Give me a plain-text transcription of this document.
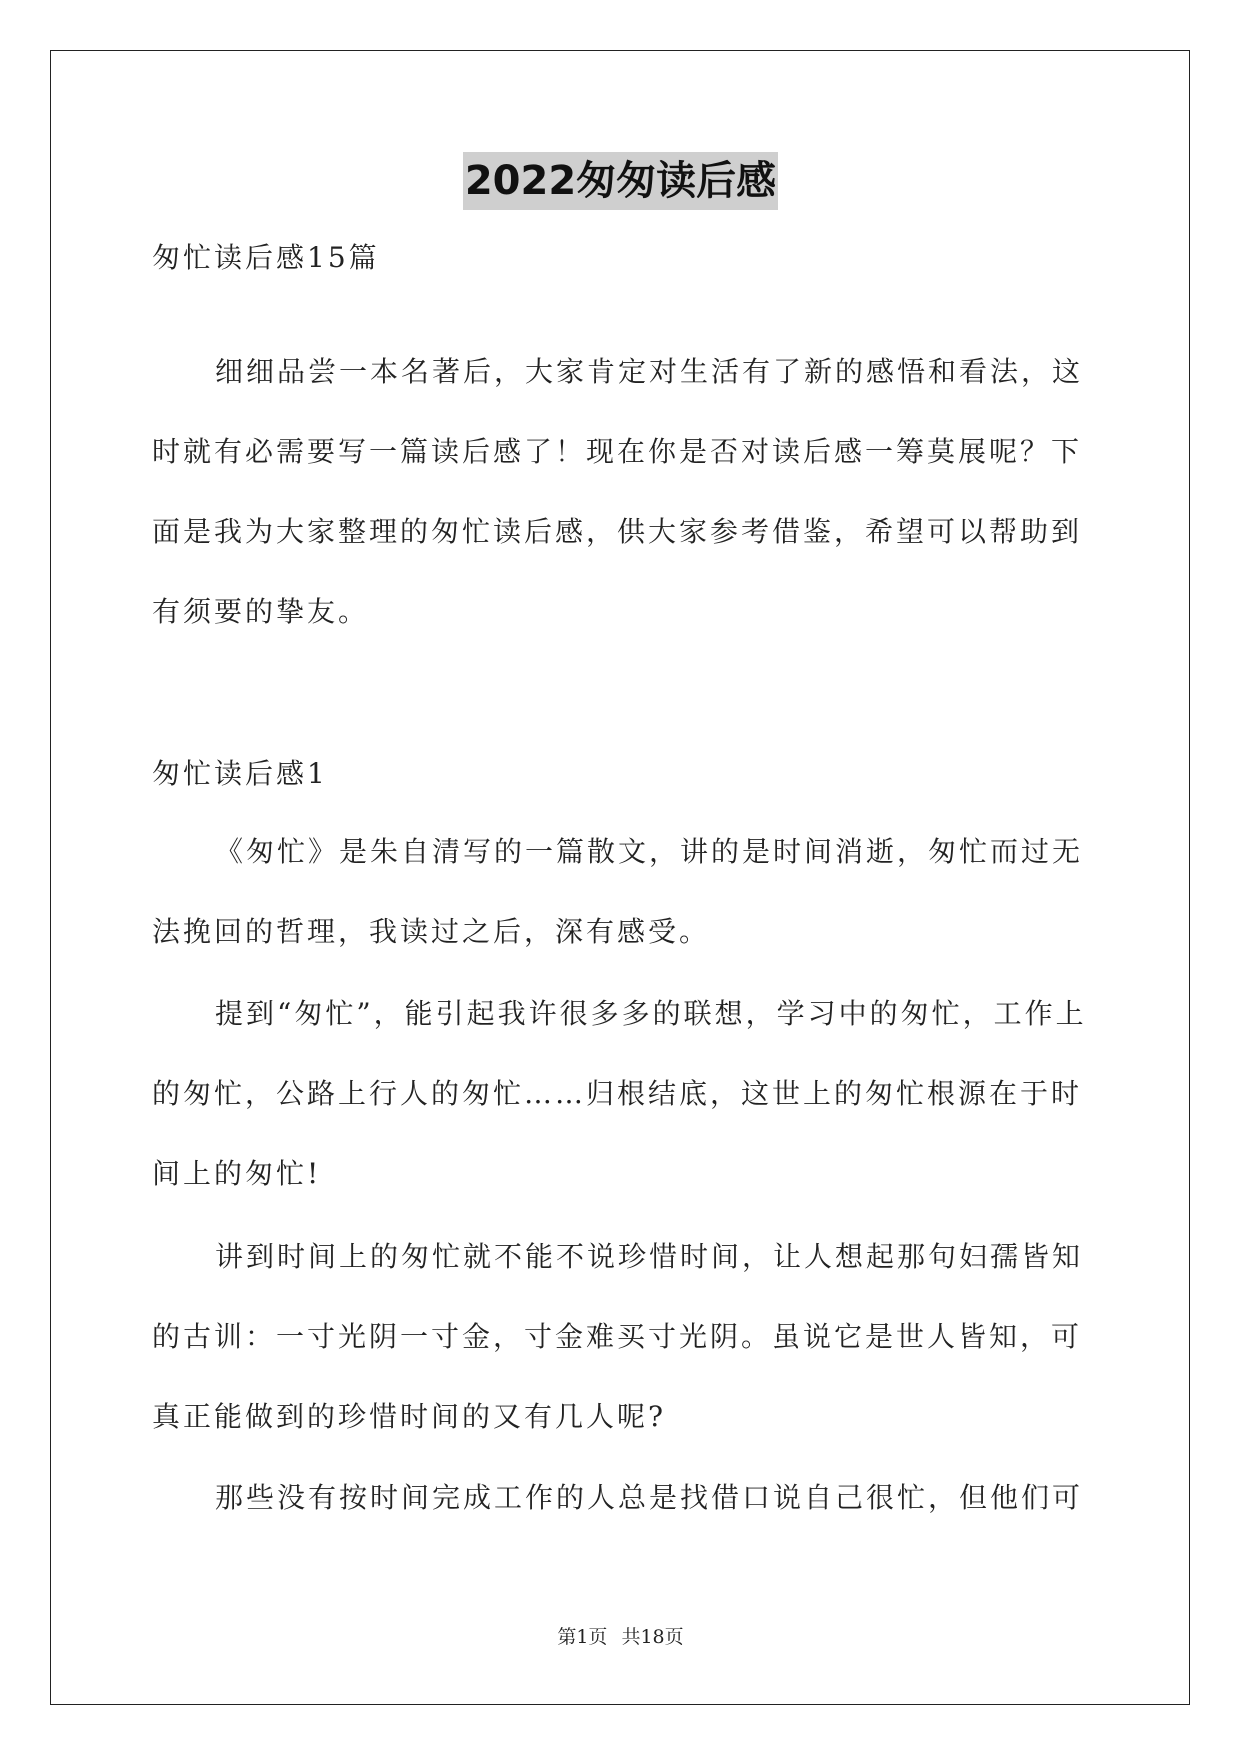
2022匆匆读后感

匆忙读后感15篇

细细品尝一本名著后，大家肯定对生活有了新的感悟和看法，这时就有必需要写一篇读后感了！现在你是否对读后感一筹莫展呢？下面是我为大家整理的匆忙读后感，供大家参考借鉴，希望可以帮助到有须要的挚友。

匆忙读后感1

《匆忙》是朱自清写的一篇散文，讲的是时间消逝，匆忙而过无法挽回的哲理，我读过之后，深有感受。

提到“匆忙”，能引起我许很多多的联想，学习中的匆忙，工作上的匆忙，公路上行人的匆忙……归根结底，这世上的匆忙根源在于时间上的匆忙!

讲到时间上的匆忙就不能不说珍惜时间，让人想起那句妇孺皆知的古训：一寸光阴一寸金，寸金难买寸光阴。虽说它是世人皆知，可真正能做到的珍惜时间的又有几人呢?

那些没有按时间完成工作的人总是找借口说自己很忙，但他们可

第1页 共18页
